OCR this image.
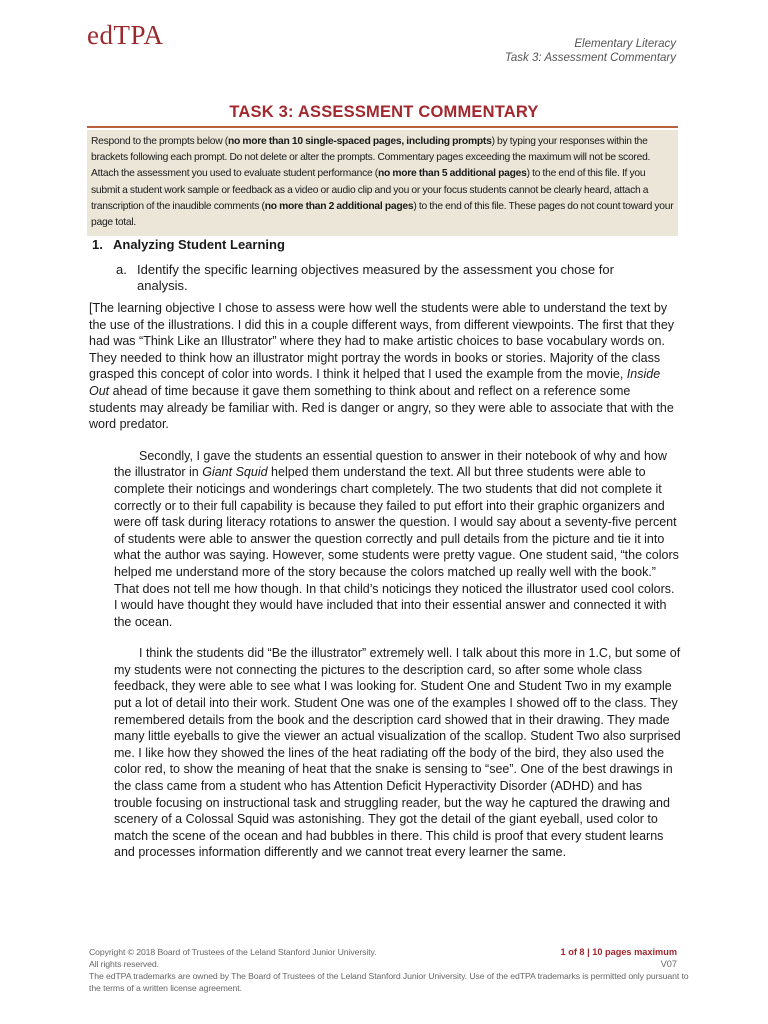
edTPA	Elementary Literacy
Task 3: Assessment Commentary
TASK 3: ASSESSMENT COMMENTARY
Respond to the prompts below (no more than 10 single-spaced pages, including prompts) by typing your responses within the brackets following each prompt. Do not delete or alter the prompts. Commentary pages exceeding the maximum will not be scored. Attach the assessment you used to evaluate student performance (no more than 5 additional pages) to the end of this file. If you submit a student work sample or feedback as a video or audio clip and you or your focus students cannot be clearly heard, attach a transcription of the inaudible comments (no more than 2 additional pages) to the end of this file. These pages do not count toward your page total.
1. Analyzing Student Learning
a. Identify the specific learning objectives measured by the assessment you chose for analysis.

[The learning objective I chose to assess were how well the students were able to understand the text by the use of the illustrations. I did this in a couple different ways, from different viewpoints. The first that they had was “Think Like an Illustrator” where they had to make artistic choices to base vocabulary words on. They needed to think how an illustrator might portray the words in books or stories. Majority of the class grasped this concept of color into words. I think it helped that I used the example from the movie, Inside Out ahead of time because it gave them something to think about and reflect on a reference some students may already be familiar with. Red is danger or angry, so they were able to associate that with the word predator.

Secondly, I gave the students an essential question to answer in their notebook of why and how the illustrator in Giant Squid helped them understand the text. All but three students were able to complete their noticings and wonderings chart completely. The two students that did not complete it correctly or to their full capability is because they failed to put effort into their graphic organizers and were off task during literacy rotations to answer the question. I would say about a seventy-five percent of students were able to answer the question correctly and pull details from the picture and tie it into what the author was saying. However, some students were pretty vague. One student said, “the colors helped me understand more of the story because the colors matched up really well with the book.” That does not tell me how though. In that child’s noticings they noticed the illustrator used cool colors. I would have thought they would have included that into their essential answer and connected it with the ocean.

I think the students did “Be the illustrator” extremely well. I talk about this more in 1.C, but some of my students were not connecting the pictures to the description card, so after some whole class feedback, they were able to see what I was looking for. Student One and Student Two in my example put a lot of detail into their work. Student One was one of the examples I showed off to the class. They remembered details from the book and the description card showed that in their drawing. They made many little eyeballs to give the viewer an actual visualization of the scallop. Student Two also surprised me. I like how they showed the lines of the heat radiating off the body of the bird, they also used the color red, to show the meaning of heat that the snake is sensing to “see”. One of the best drawings in the class came from a student who has Attention Deficit Hyperactivity Disorder (ADHD) and has trouble focusing on instructional task and struggling reader, but the way he captured the drawing and scenery of a Colossal Squid was astonishing. They got the detail of the giant eyeball, used color to match the scene of the ocean and had bubbles in there. This child is proof that every student learns and processes information differently and we cannot treat every learner the same.

Copyright © 2018 Board of Trustees of the Leland Stanford Junior University.
All rights reserved.
The edTPA trademarks are owned by The Board of Trustees of the Leland Stanford Junior University. Use of the edTPA trademarks is permitted only pursuant to the terms of a written license agreement.
1 of 8 | 10 pages maximum
V07
